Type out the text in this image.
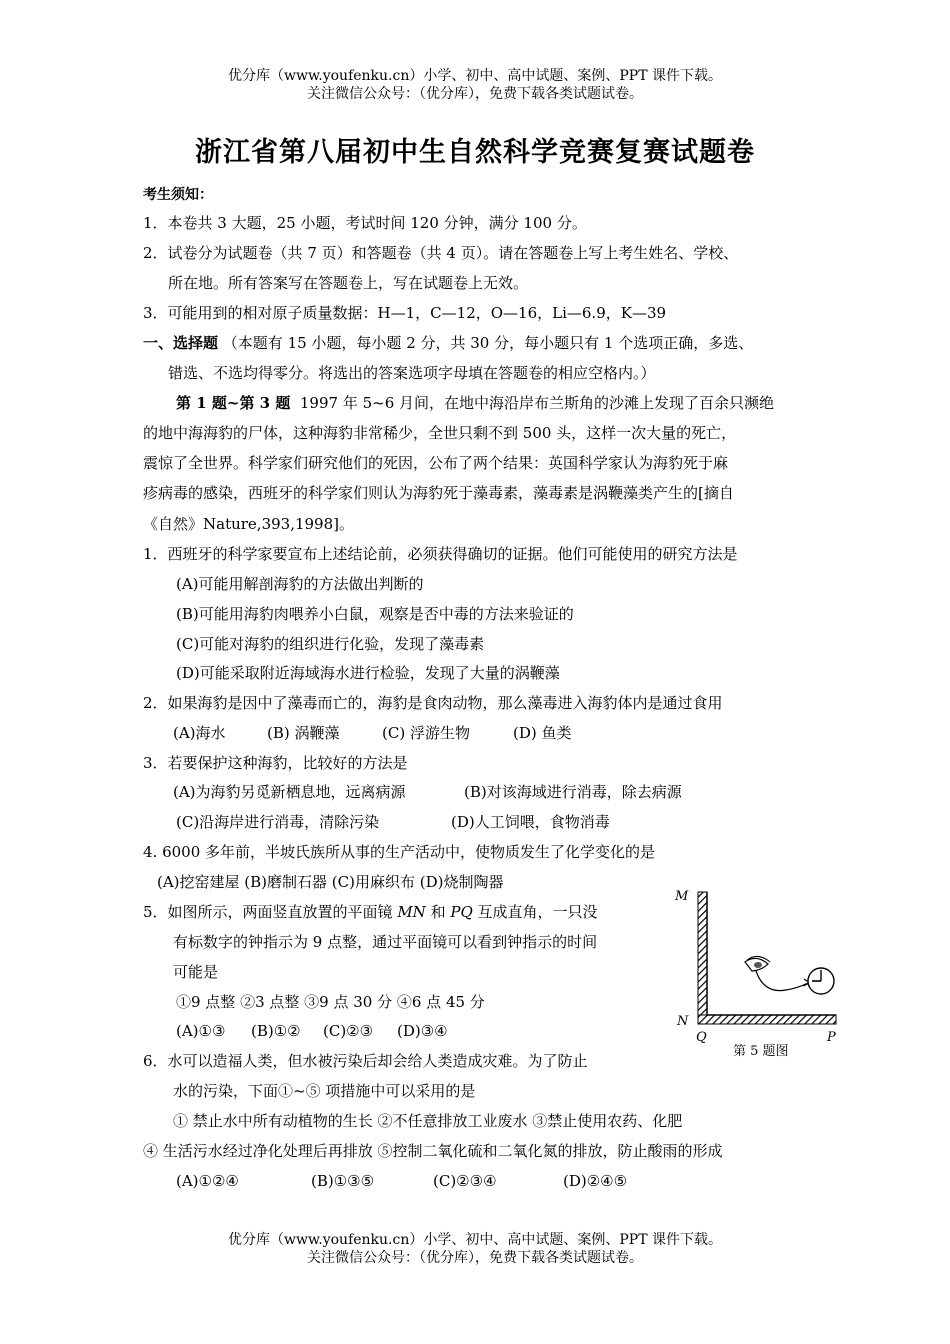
优分库（www.youfenku.cn）小学、初中、高中试题、案例、PPT 课件下载。
关注微信公众号：（优分库），免费下载各类试题试卷。
浙江省第八届初中生自然科学竞赛复赛试题卷
考生须知：
1．本卷共 3 大题，25 小题，考试时间 120 分钟，满分 100 分。
2．试卷分为试题卷（共 7 页）和答题卷（共 4 页）。请在答题卷上写上考生姓名、学校、
所在地。所有答案写在答题卷上，写在试题卷上无效。
3．可能用到的相对原子质量数据：H—1，C—12，O—16，Li—6.9，K—39
一、选择题 （本题有 15 小题，每小题 2 分，共 30 分，每小题只有 1 个选项正确，多选、
错选、不选均得零分。将选出的答案选项字母填在答题卷的相应空格内。）
第 1 题~第 3 题 1997 年 5~6 月间，在地中海沿岸布兰斯角的沙滩上发现了百余只濒绝
的地中海海豹的尸体，这种海豹非常稀少，全世只剩不到 500 头，这样一次大量的死亡，
震惊了全世界。科学家们研究他们的死因，公布了两个结果：英国科学家认为海豹死于麻
疹病毒的感染，西班牙的科学家们则认为海豹死于藻毒素，藻毒素是涡鞭藻类产生的[摘自
《自然》Nature,393,1998]。
1．西班牙的科学家要宣布上述结论前，必须获得确切的证据。他们可能使用的研究方法是
(A)可能用解剖海豹的方法做出判断的
(B)可能用海豹肉喂养小白鼠，观察是否中毒的方法来验证的
(C)可能对海豹的组织进行化验，发现了藻毒素
(D)可能采取附近海域海水进行检验，发现了大量的涡鞭藻
2．如果海豹是因中了藻毒而亡的，海豹是食肉动物，那么藻毒进入海豹体内是通过食用
(A)海水	(B) 涡鞭藻	(C) 浮游生物	(D) 鱼类
3．若要保护这种海豹，比较好的方法是
(A)为海豹另觅新栖息地，远离病源	(B)对该海域进行消毒，除去病源
(C)沿海岸进行消毒，清除污染	(D)人工饲喂，食物消毒
4. 6000 多年前，半坡氏族所从事的生产活动中，使物质发生了化学变化的是
(A)挖窑建屋 (B)磨制石器 (C)用麻织布 (D)烧制陶器
5．如图所示，两面竖直放置的平面镜 MN 和 PQ 互成直角，一只没
有标数字的钟指示为 9 点整，通过平面镜可以看到钟指示的时间
可能是
①9 点整 ②3 点整 ③9 点 30 分 ④6 点 45 分
(A)①③ (B)①② (C)②③ (D)③④
M
N
Q	P
第 5 题图
6．水可以造福人类，但水被污染后却会给人类造成灾难。为了防止
水的污染，下面①~⑤ 项措施中可以采用的是
① 禁止水中所有动植物的生长 ②不任意排放工业废水 ③禁止使用农药、化肥
④ 生活污水经过净化处理后再排放 ⑤控制二氧化硫和二氧化氮的排放，防止酸雨的形成
(A)①②④	(B)①③⑤	(C)②③④	(D)②④⑤
优分库（www.youfenku.cn）小学、初中、高中试题、案例、PPT 课件下载。
关注微信公众号：（优分库），免费下载各类试题试卷。
